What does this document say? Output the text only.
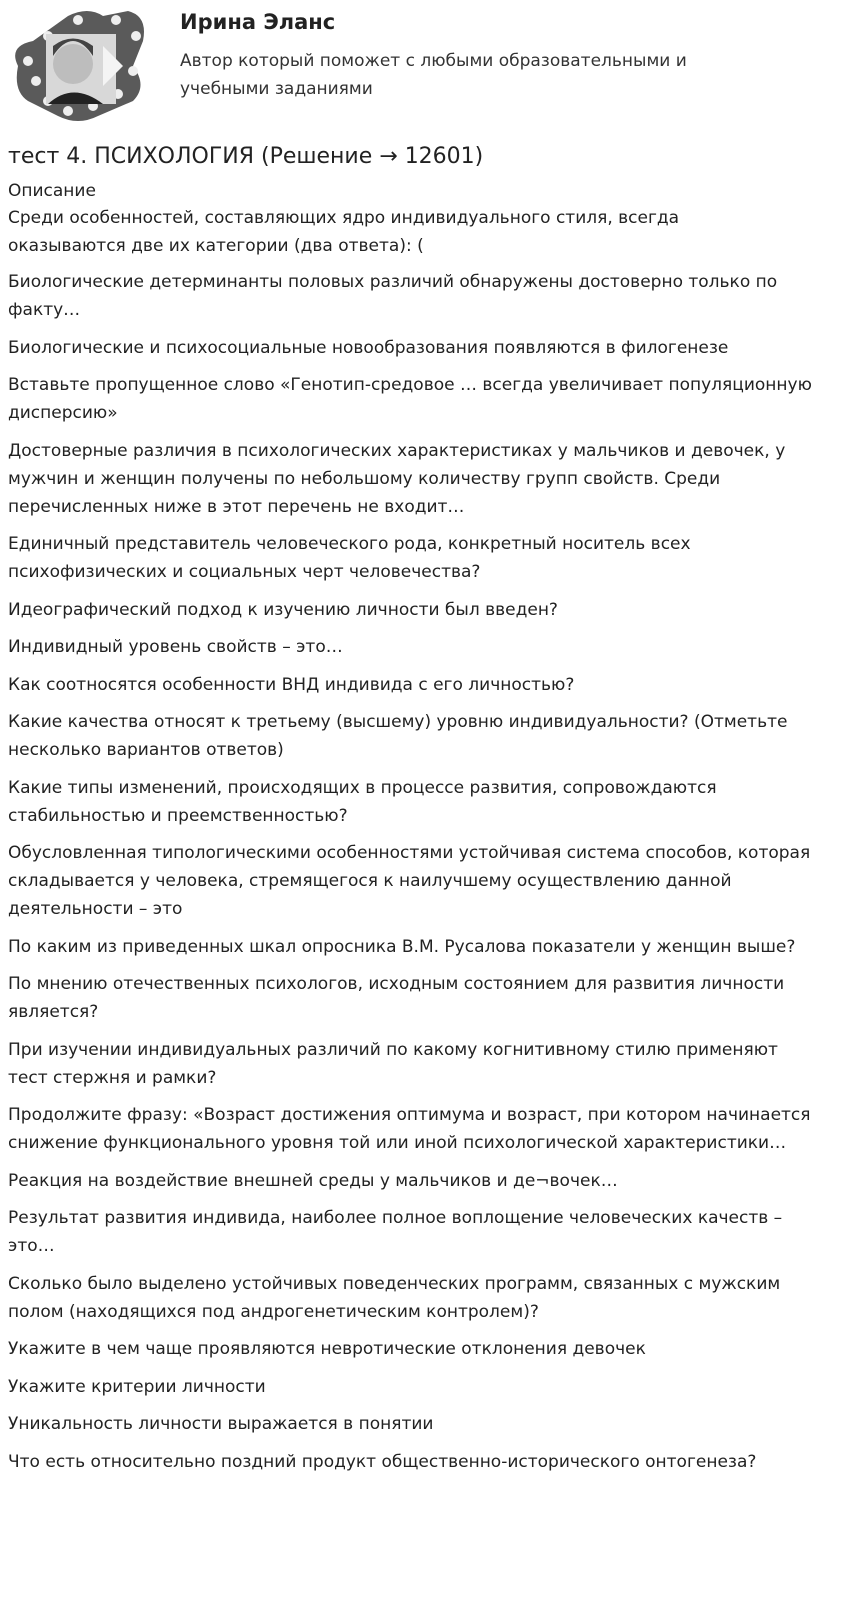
Ирина Эланс
Автор который поможет с любыми образовательными и учебными заданиями
тест 4. ПСИХОЛОГИЯ (Решение → 12601)
Описание
Среди особенностей, составляющих ядро индивидуального стиля, всегда оказываются две их категории (два ответа): (
Биологические детерминанты половых различий обнаружены достоверно только по факту…
Биологические и психосоциальные новообразования появляются в филогенезе
Вставьте пропущенное слово «Генотип-средовое … всегда увеличивает популяционную дисперсию»
Достоверные различия в психологических характеристиках у мальчиков и девочек, у мужчин и женщин получены по небольшому количеству групп свойств. Среди перечисленных ниже в этот перечень не входит…
Единичный представитель человеческого рода, конкретный носитель всех психофизических и социальных черт человечества?
Идеографический подход к изучению личности был введен?
Индивидный уровень свойств – это…
Как соотносятся особенности ВНД индивида с его личностью?
Какие качества относят к третьему (высшему) уровню индивидуальности? (Отметьте несколько вариантов ответов)
Какие типы изменений, происходящих в процессе развития, сопровождаются стабильностью и преемственностью?
Обусловленная типологическими особенностями устойчивая система способов, которая складывается у человека, стремящегося к наилучшему осуществлению данной деятельности – это
По каким из приведенных шкал опросника В.М. Русалова показатели у женщин выше?
По мнению отечественных психологов, исходным состоянием для развития личности является?
При изучении индивидуальных различий по какому когнитивному стилю применяют тест стержня и рамки?
Продолжите фразу: «Возраст достижения оптимума и возраст, при котором начинается снижение функционального уровня той или иной психологической характеристики…
Реакция на воздействие внешней среды у мальчиков и де¬вочек…
Результат развития индивида, наиболее полное воплощение человеческих качеств – это…
Сколько было выделено устойчивых поведенческих программ, связанных с мужским полом (находящихся под андрогенетическим контролем)?
Укажите в чем чаще проявляются невротические отклонения девочек
Укажите критерии личности
Уникальность личности выражается в понятии
Что есть относительно поздний продукт общественно-исторического онтогенеза?
